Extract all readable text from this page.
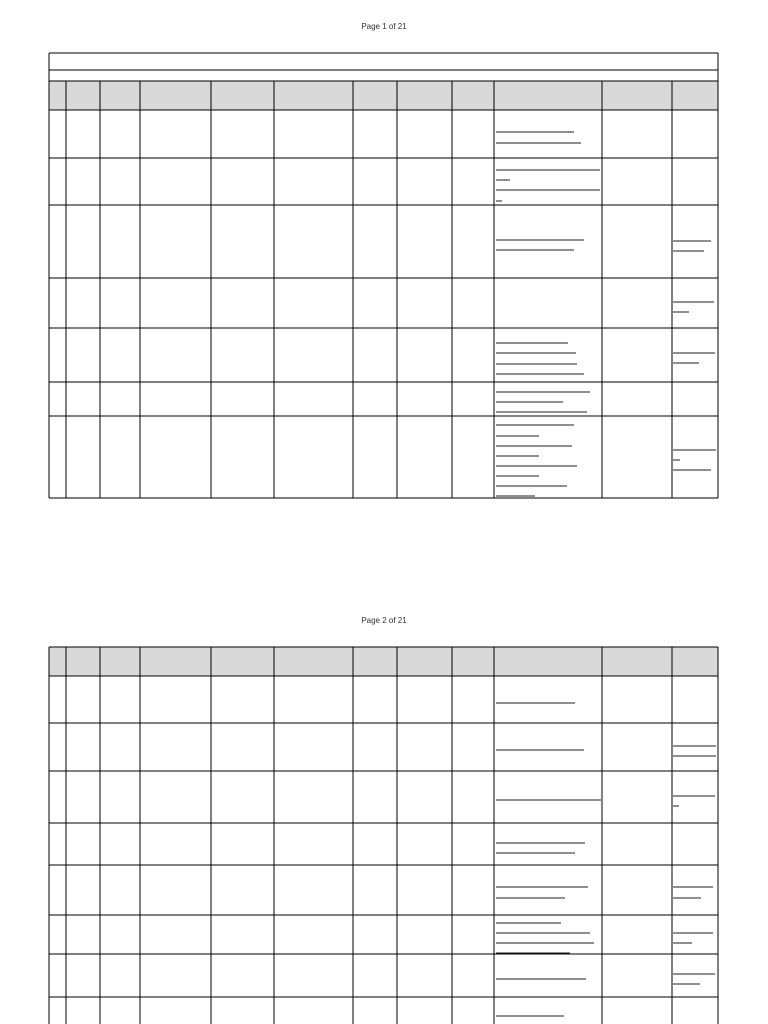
Page 1 of 21
Page 2 of 21
